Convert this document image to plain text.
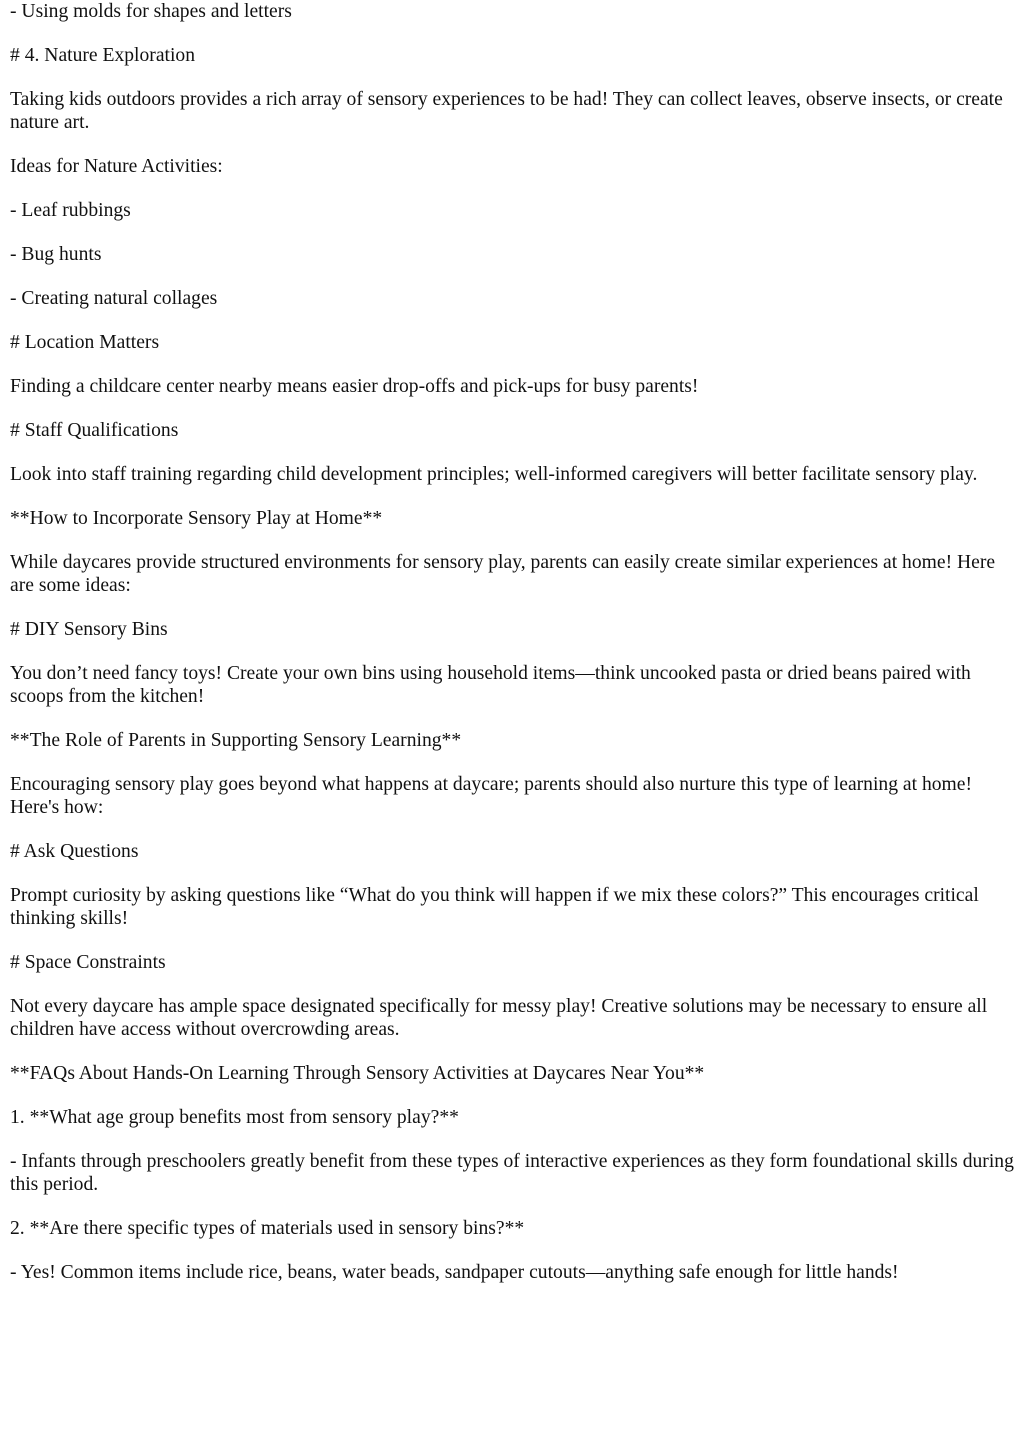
- Using molds for shapes and letters

# 4. Nature Exploration

Taking kids outdoors provides a rich array of sensory experiences to be had! They can collect leaves, observe insects, or create nature art.

Ideas for Nature Activities:

- Leaf rubbings

- Bug hunts

- Creating natural collages

# Location Matters

Finding a childcare center nearby means easier drop-offs and pick-ups for busy parents!

# Staff Qualifications

Look into staff training regarding child development principles; well-informed caregivers will better facilitate sensory play.

**How to Incorporate Sensory Play at Home**

While daycares provide structured environments for sensory play, parents can easily create similar experiences at home! Here are some ideas:

# DIY Sensory Bins

You don’t need fancy toys! Create your own bins using household items—think uncooked pasta or dried beans paired with scoops from the kitchen!

**The Role of Parents in Supporting Sensory Learning**

Encouraging sensory play goes beyond what happens at daycare; parents should also nurture this type of learning at home! Here's how:

# Ask Questions

Prompt curiosity by asking questions like “What do you think will happen if we mix these colors?” This encourages critical thinking skills!

# Space Constraints

Not every daycare has ample space designated specifically for messy play! Creative solutions may be necessary to ensure all children have access without overcrowding areas.

**FAQs About Hands-On Learning Through Sensory Activities at Daycares Near You**

1. **What age group benefits most from sensory play?**

- Infants through preschoolers greatly benefit from these types of interactive experiences as they form foundational skills during this period.

2. **Are there specific types of materials used in sensory bins?**

- Yes! Common items include rice, beans, water beads, sandpaper cutouts—anything safe enough for little hands!
